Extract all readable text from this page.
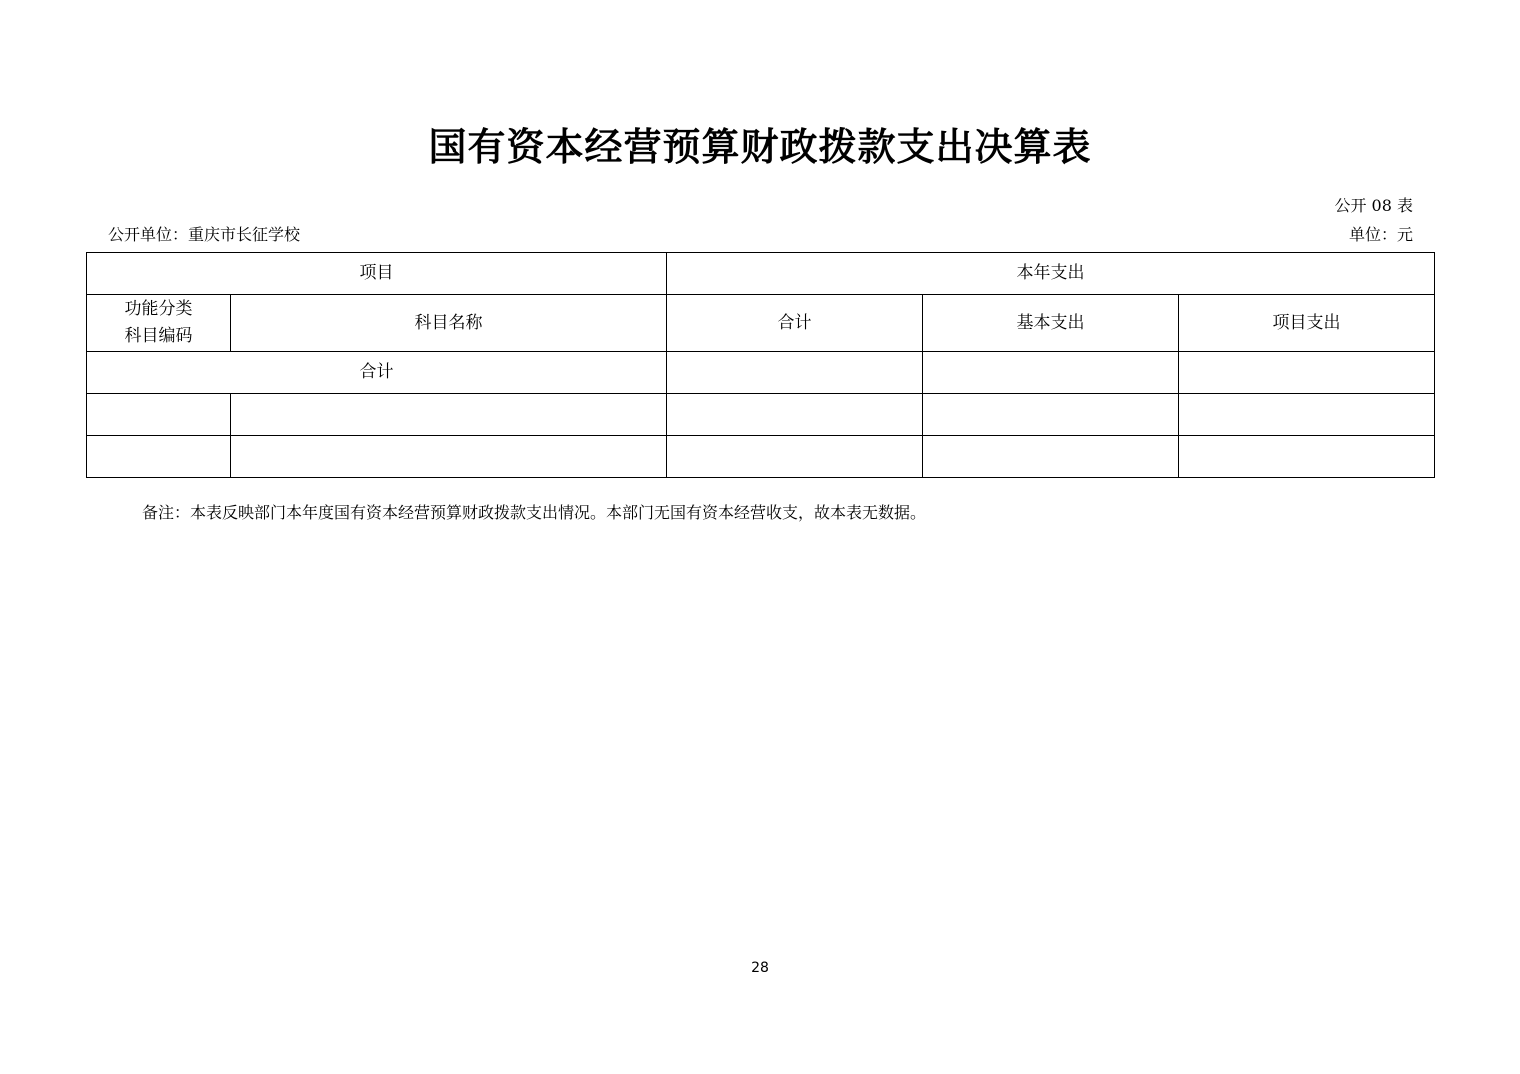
国有资本经营预算财政拨款支出决算表
公开 08 表
公开单位：重庆市长征学校	单位：元
项目		本年支出		

功能分类
科目编码	科目名称	合计	基本支出	项目支出
合计				

备注：本表反映部门本年度国有资本经营预算财政拨款支出情况。本部门无国有资本经营收支，故本表无数据。
28
